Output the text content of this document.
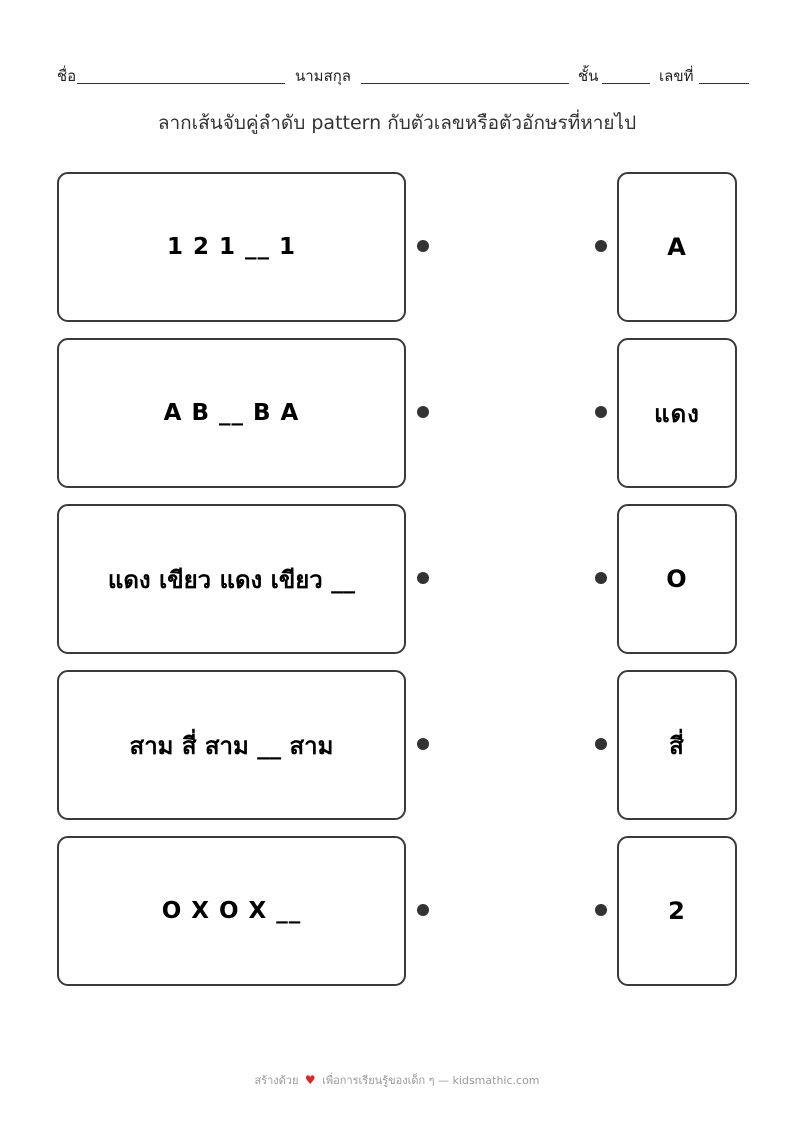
ชื่อ	นามสกุล	ชั้น	เลขที่
ลากเส้นจับคู่ลำดับ pattern กับตัวเลขหรือตัวอักษรที่หายไป
1 2 1 __ 1	A
A B __ B A	แดง
แดง เขียว แดง เขียว __	O
สาม สี่ สาม __ สาม	สี่
O X O X __	2
สร้างด้วย ♥ เพื่อการเรียนรู้ของเด็ก ๆ — kidsmathic.com
